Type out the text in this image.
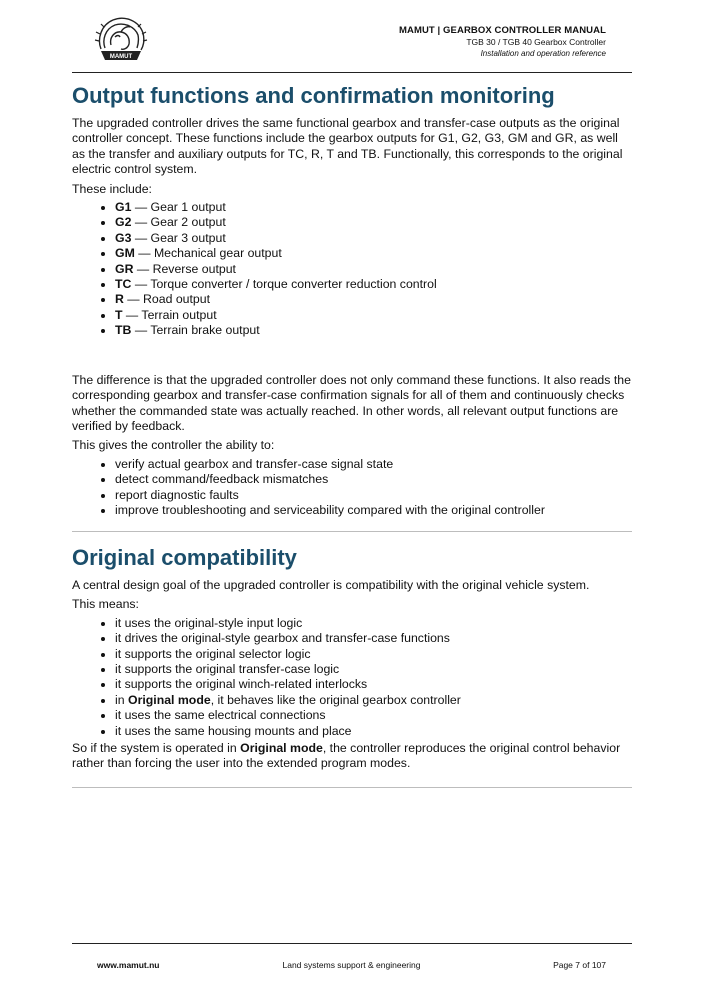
MAMUT
MAMUT | GEARBOX CONTROLLER MANUAL
TGB 30 / TGB 40 Gearbox Controller
Installation and operation reference
Output functions and confirmation monitoring

The upgraded controller drives the same functional gearbox and transfer-case outputs as the original controller concept. These functions include the gearbox outputs for G1, G2, G3, GM and GR, as well as the transfer and auxiliary outputs for TC, R, T and TB. Functionally, this corresponds to the original electric control system.

These include:

• G1 — Gear 1 output
• G2 — Gear 2 output
• G3 — Gear 3 output
• GM — Mechanical gear output
• GR — Reverse output
• TC — Torque converter / torque converter reduction control
• R — Road output
• T — Terrain output
• TB — Terrain brake output

The difference is that the upgraded controller does not only command these functions. It also reads the corresponding gearbox and transfer-case confirmation signals for all of them and continuously checks whether the commanded state was actually reached. In other words, all relevant output functions are verified by feedback.

This gives the controller the ability to:

• verify actual gearbox and transfer-case signal state
• detect command/feedback mismatches
• report diagnostic faults
• improve troubleshooting and serviceability compared with the original controller
Original compatibility

A central design goal of the upgraded controller is compatibility with the original vehicle system.

This means:

• it uses the original-style input logic
• it drives the original-style gearbox and transfer-case functions
• it supports the original selector logic
• it supports the original transfer-case logic
• it supports the original winch-related interlocks
• in Original mode, it behaves like the original gearbox controller
• it uses the same electrical connections
• it uses the same housing mounts and place

So if the system is operated in Original mode, the controller reproduces the original control behavior rather than forcing the user into the extended program modes.

www.mamut.nu	Land systems support & engineering	Page 7 of 107
